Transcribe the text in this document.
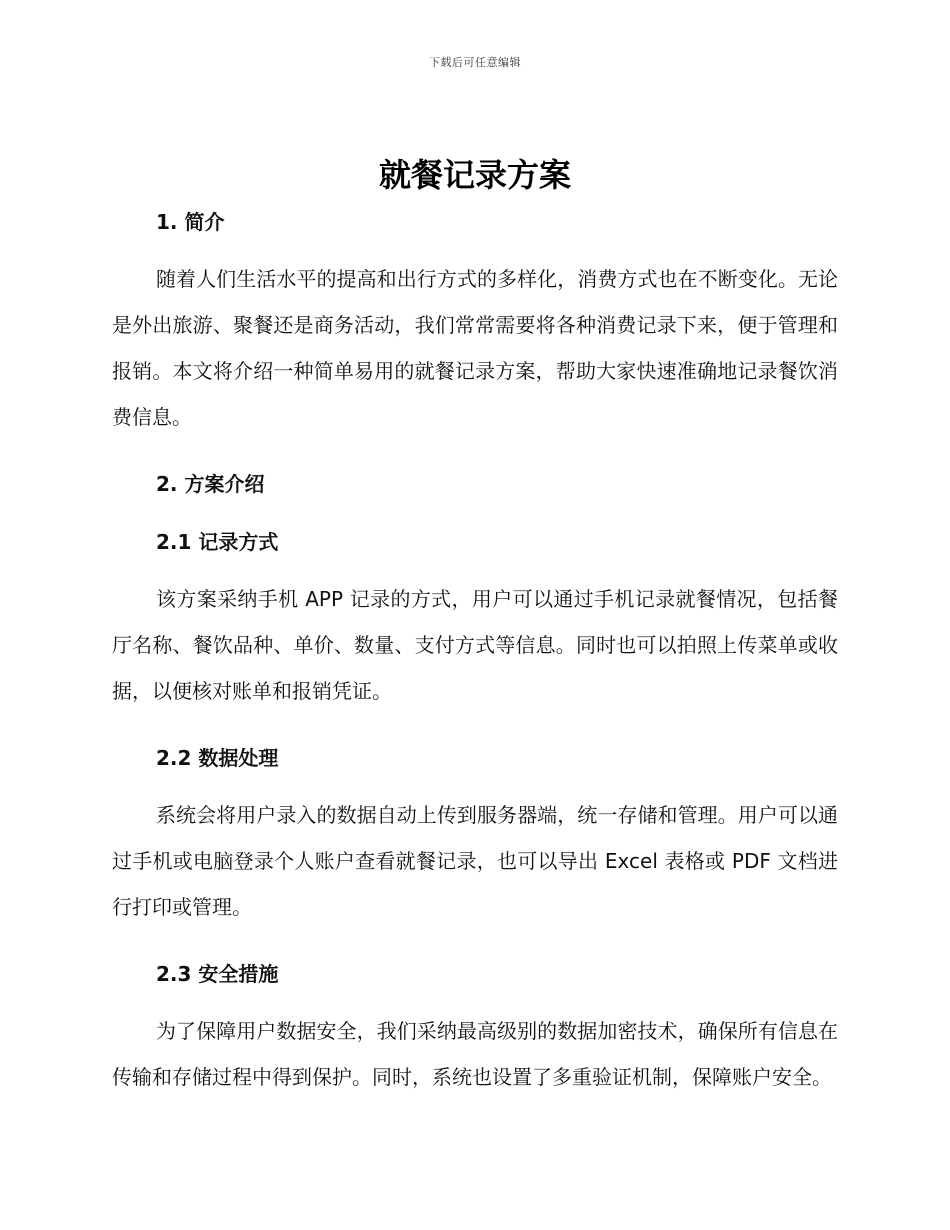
下载后可任意编辑
就餐记录方案
1. 简介

随着人们生活水平的提高和出行方式的多样化，消费方式也在不断变化。无论是外出旅游、聚餐还是商务活动，我们常常需要将各种消费记录下来，便于管理和报销。本文将介绍一种简单易用的就餐记录方案，帮助大家快速准确地记录餐饮消费信息。

2. 方案介绍
2.1 记录方式

该方案采纳手机 APP 记录的方式，用户可以通过手机记录就餐情况，包括餐厅名称、餐饮品种、单价、数量、支付方式等信息。同时也可以拍照上传菜单或收据，以便核对账单和报销凭证。

2.2 数据处理

系统会将用户录入的数据自动上传到服务器端，统一存储和管理。用户可以通过手机或电脑登录个人账户查看就餐记录，也可以导出 Excel 表格或 PDF 文档进行打印或管理。

2.3 安全措施

为了保障用户数据安全，我们采纳最高级别的数据加密技术，确保所有信息在传输和存储过程中得到保护。同时，系统也设置了多重验证机制，保障账户安全。
